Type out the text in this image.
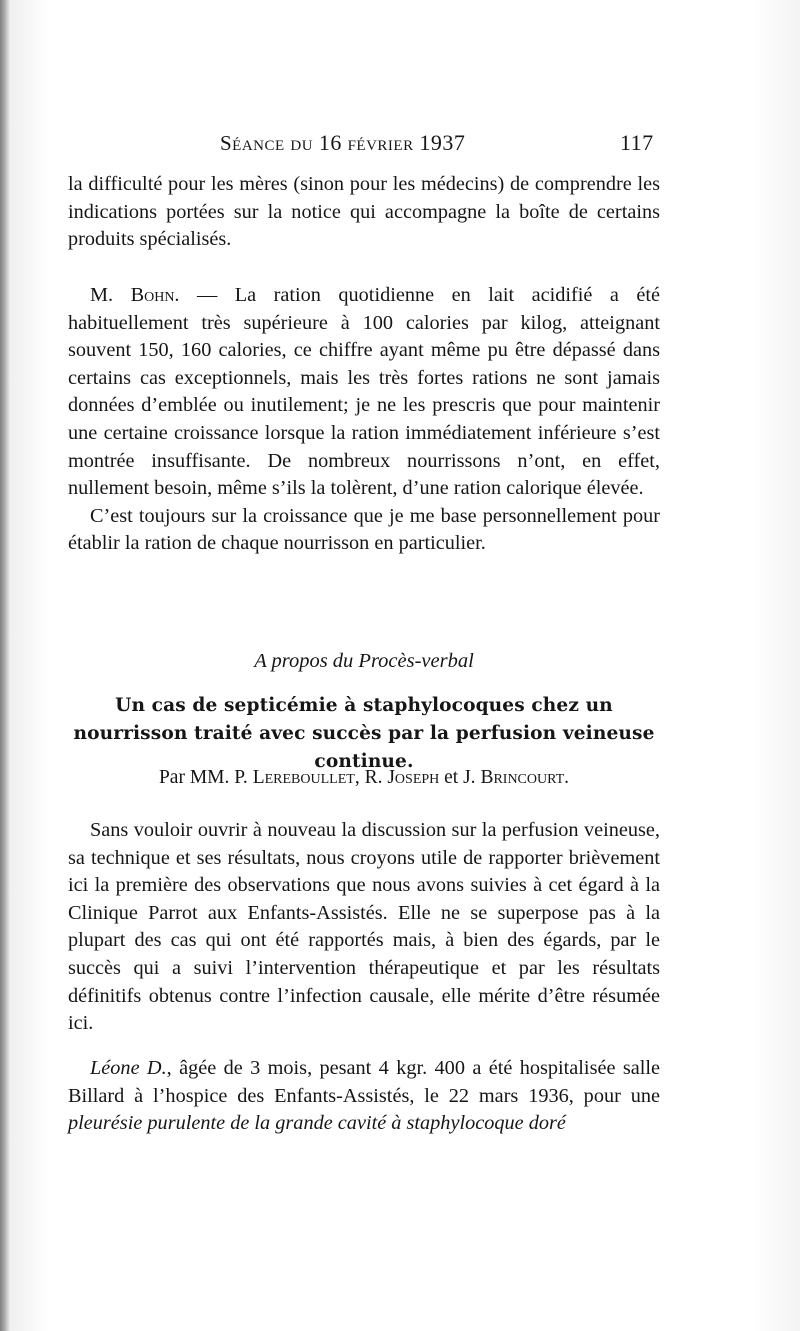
Séance du 16 février 1937	117

la difficulté pour les mères (sinon pour les médecins) de comprendre les indications portées sur la notice qui accompagne la boîte de certains produits spécialisés.

M. Bohn. — La ration quotidienne en lait acidifié a été habituellement très supérieure à 100 calories par kilog, atteignant souvent 150, 160 calories, ce chiffre ayant même pu être dépassé dans certains cas exceptionnels, mais les très fortes rations ne sont jamais données d’emblée ou inutilement; je ne les prescris que pour maintenir une certaine croissance lorsque la ration immédiatement inférieure s’est montrée insuffisante. De nombreux nourrissons n’ont, en effet, nullement besoin, même s’ils la tolèrent, d’une ration calorique élevée.

C’est toujours sur la croissance que je me base personnellement pour établir la ration de chaque nourrisson en particulier.

A propos du Procès-verbal
Un cas de septicémie à staphylocoques chez un nourrisson traité avec succès par la perfusion veineuse continue.
Par MM. P. Lereboullet, R. Joseph et J. Brincourt.

Sans vouloir ouvrir à nouveau la discussion sur la perfusion veineuse, sa technique et ses résultats, nous croyons utile de rapporter brièvement ici la première des observations que nous avons suivies à cet égard à la Clinique Parrot aux Enfants-Assistés. Elle ne se superpose pas à la plupart des cas qui ont été rapportés mais, à bien des égards, par le succès qui a suivi l’intervention thérapeutique et par les résultats définitifs obtenus contre l’infection causale, elle mérite d’être résumée ici.

Léone D., âgée de 3 mois, pesant 4 kgr. 400 a été hospitalisée salle Billard à l’hospice des Enfants-Assistés, le 22 mars 1936, pour une pleurésie purulente de la grande cavité à staphylocoque doré
